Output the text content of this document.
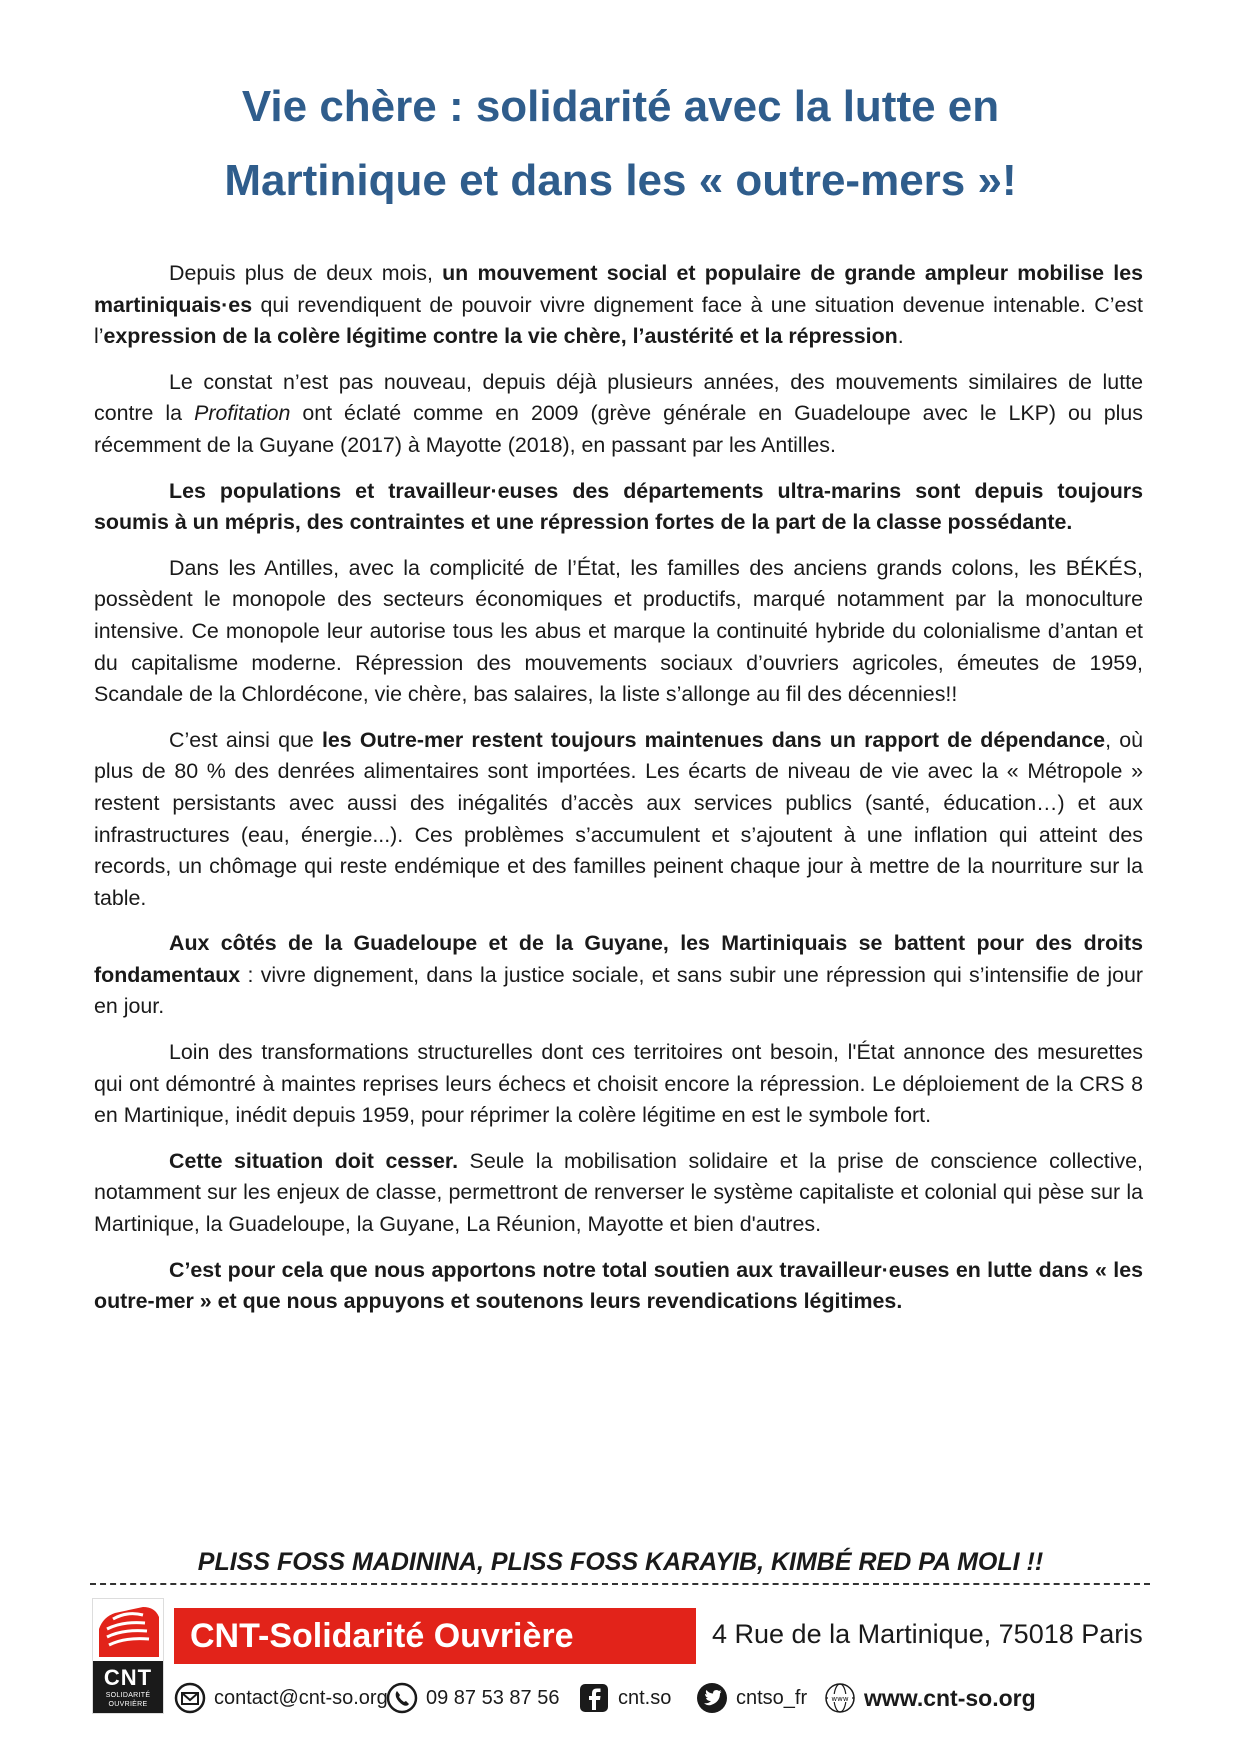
Vie chère : solidarité avec la lutte en
Martinique et dans les « outre-mers »!

Depuis plus de deux mois, un mouvement social et populaire de grande ampleur mobilise les martiniquais·es qui revendiquent de pouvoir vivre dignement face à une situation devenue intenable. C’est l’expression de la colère légitime contre la vie chère, l’austérité et la répression.

Le constat n’est pas nouveau, depuis déjà plusieurs années, des mouvements similaires de lutte contre la Profitation ont éclaté comme en 2009 (grève générale en Guadeloupe avec le LKP) ou plus récemment de la Guyane (2017) à Mayotte (2018), en passant par les Antilles.

Les populations et travailleur·euses des départements ultra-marins sont depuis toujours soumis à un mépris, des contraintes et une répression fortes de la part de la classe possédante.

Dans les Antilles, avec la complicité de l’État, les familles des anciens grands colons, les BÉKÉS, possèdent le monopole des secteurs économiques et productifs, marqué notamment par la monoculture intensive. Ce monopole leur autorise tous les abus et marque la continuité hybride du colonialisme d’antan et du capitalisme moderne. Répression des mouvements sociaux d’ouvriers agricoles, émeutes de 1959, Scandale de la Chlordécone, vie chère, bas salaires, la liste s’allonge au fil des décennies!!

C’est ainsi que les Outre-mer restent toujours maintenues dans un rapport de dépendance, où plus de 80 % des denrées alimentaires sont importées. Les écarts de niveau de vie avec la « Métropole » restent persistants avec aussi des inégalités d’accès aux services publics (santé, éducation…) et aux infrastructures (eau, énergie...). Ces problèmes s’accumulent et s’ajoutent à une inflation qui atteint des records, un chômage qui reste endémique et des familles peinent chaque jour à mettre de la nourriture sur la table.

Aux côtés de la Guadeloupe et de la Guyane, les Martiniquais se battent pour des droits fondamentaux : vivre dignement, dans la justice sociale, et sans subir une répression qui s’intensifie de jour en jour.

Loin des transformations structurelles dont ces territoires ont besoin, l'État annonce des mesurettes qui ont démontré à maintes reprises leurs échecs et choisit encore la répression. Le déploiement de la CRS 8 en Martinique, inédit depuis 1959, pour réprimer la colère légitime en est le symbole fort.

Cette situation doit cesser. Seule la mobilisation solidaire et la prise de conscience collective, notamment sur les enjeux de classe, permettront de renverser le système capitaliste et colonial qui pèse sur la Martinique, la Guadeloupe, la Guyane, La Réunion, Mayotte et bien d'autres.

C’est pour cela que nous apportons notre total soutien aux travailleur·euses en lutte dans « les outre-mer » et que nous appuyons et soutenons leurs revendications légitimes.

PLISS FOSS MADININA, PLISS FOSS KARAYIB, KIMBÉ RED PA MOLI !!

CNT
SOLIDARITÉ
OUVRIÈRE
CNT-Solidarité Ouvrière	4 Rue de la Martinique, 75018 Paris
contact@cnt-so.org 09 87 53 87 56	cnt.so	cntso_fr	www www.cnt-so.org
